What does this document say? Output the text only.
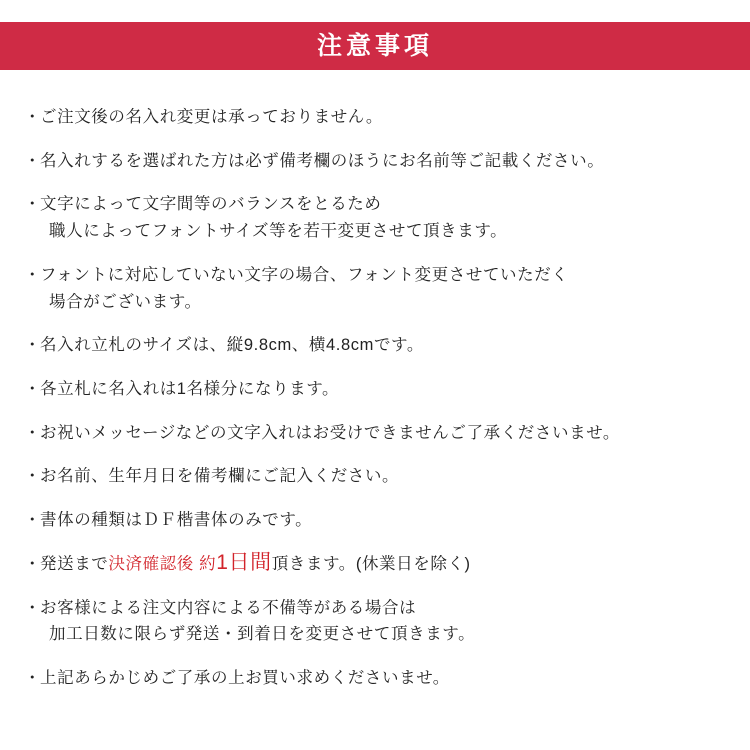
注意事項
・
ご注文後の名入れ変更は承っておりません。
・
名入れするを選ばれた方は必ず備考欄のほうにお名前等ご記載ください。
・
文字によって文字間等のバランスをとるため
職人によってフォントサイズ等を若干変更させて頂きます。
・
フォントに対応していない文字の場合、フォント変更させていただく
場合がございます。
・
名入れ立札のサイズは、縦9.8cm、横4.8cmです。
・
各立札に名入れは1名様分になります。
・
お祝いメッセージなどの文字入れはお受けできませんご了承くださいませ。
・
お名前、生年月日を備考欄にご記入ください。
・
書体の種類はＤＦ楷書体のみです。
・
発送まで決済確認後 約1日間頂きます。(休業日を除く)
・
お客様による注文内容による不備等がある場合は
加工日数に限らず発送・到着日を変更させて頂きます。
・
上記あらかじめご了承の上お買い求めくださいませ。
